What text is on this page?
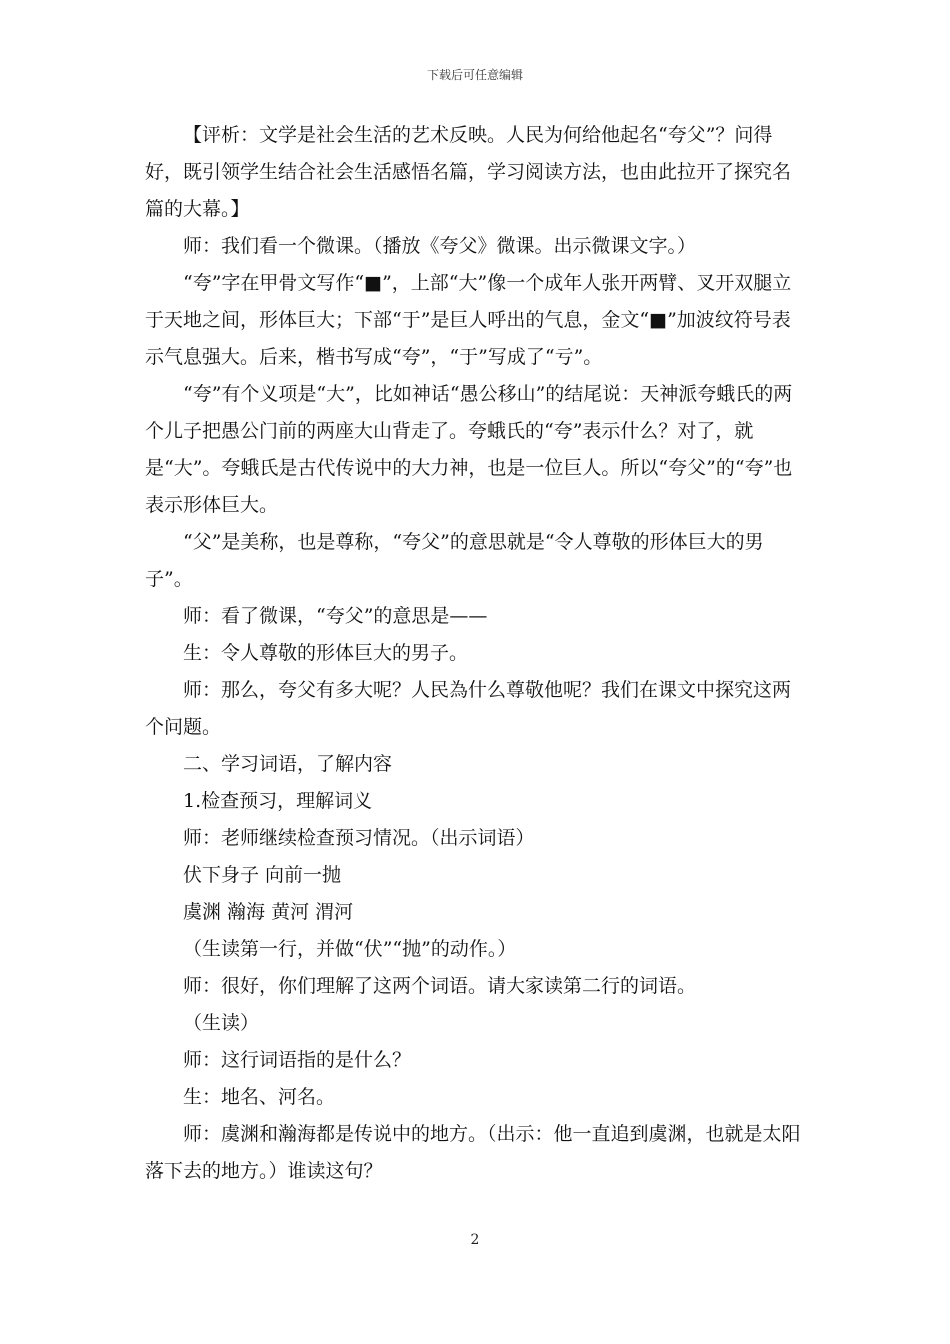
下载后可任意编辑

【评析：文学是社会生活的艺术反映。人民为何给他起名“夸父”？问得好，既引领学生结合社会生活感悟名篇，学习阅读方法，也由此拉开了探究名篇的大幕。】

师：我们看一个微课。（播放《夸父》微课。出示微课文字。）

“夸”字在甲骨文写作“■”，上部“大”像一个成年人张开两臂、叉开双腿立于天地之间，形体巨大；下部“于”是巨人呼出的气息，金文“■”加波纹符号表示气息强大。后来，楷书写成“夸”，“于”写成了“亏”。

“夸”有个义项是“大”，比如神话“愚公移山”的结尾说：天神派夸蛾氏的两个儿子把愚公门前的两座大山背走了。夸蛾氏的“夸”表示什么？对了，就是“大”。夸蛾氏是古代传说中的大力神，也是一位巨人。所以“夸父”的“夸”也表示形体巨大。

“父”是美称，也是尊称，“夸父”的意思就是“令人尊敬的形体巨大的男子”。

师：看了微课，“夸父”的意思是——

生：令人尊敬的形体巨大的男子。

师：那么，夸父有多大呢？人民為什么尊敬他呢？我们在课文中探究这两个问题。

二、学习词语，了解内容

1.检查预习，理解词义

师：老师继续检查预习情况。（出示词语）

伏下身子 向前一抛

虞渊 瀚海 黄河 渭河

（生读第一行，并做“伏”“抛”的动作。）

师：很好，你们理解了这两个词语。请大家读第二行的词语。

（生读）

师：这行词语指的是什么？

生：地名、河名。

师：虞渊和瀚海都是传说中的地方。（出示：他一直追到虞渊，也就是太阳落下去的地方。）谁读这句？

2
